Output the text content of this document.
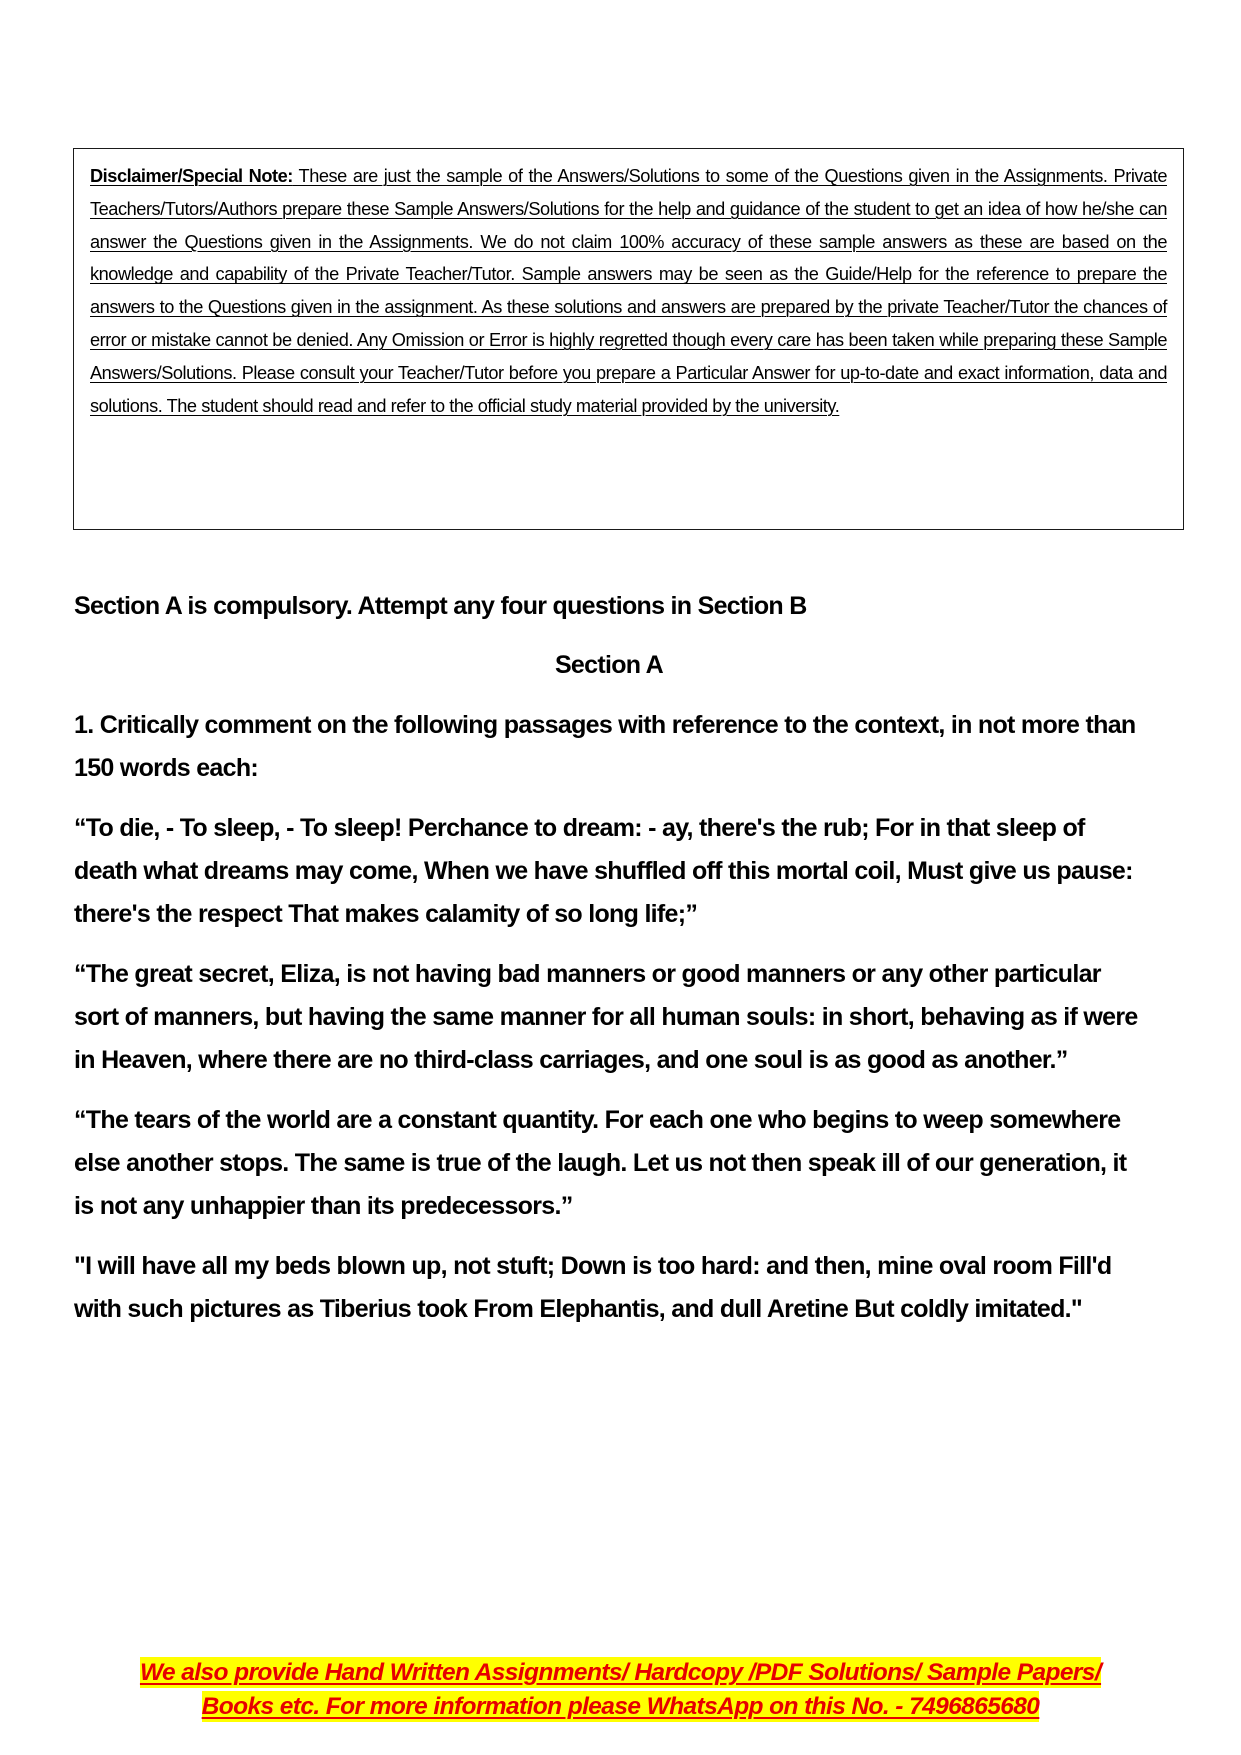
Disclaimer/Special Note: These are just the sample of the Answers/Solutions to some of the Questions given in the Assignments. Private Teachers/Tutors/Authors prepare these Sample Answers/Solutions for the help and guidance of the student to get an idea of how he/she can answer the Questions given in the Assignments. We do not claim 100% accuracy of these sample answers as these are based on the knowledge and capability of the Private Teacher/Tutor. Sample answers may be seen as the Guide/Help for the reference to prepare the answers to the Questions given in the assignment. As these solutions and answers are prepared by the private Teacher/Tutor the chances of error or mistake cannot be denied. Any Omission or Error is highly regretted though every care has been taken while preparing these Sample Answers/Solutions. Please consult your Teacher/Tutor before you prepare a Particular Answer for up-to-date and exact information, data and solutions. The student should read and refer to the official study material provided by the university.

Section A is compulsory. Attempt any four questions in Section B

Section A

1. Critically comment on the following passages with reference to the context, in not more than 150 words each:

“To die, - To sleep, - To sleep! Perchance to dream: - ay, there's the rub; For in that sleep of death what dreams may come, When we have shuffled off this mortal coil, Must give us pause: there's the respect That makes calamity of so long life;”

“The great secret, Eliza, is not having bad manners or good manners or any other particular sort of manners, but having the same manner for all human souls: in short, behaving as if were in Heaven, where there are no third-class carriages, and one soul is as good as another.”

“The tears of the world are a constant quantity. For each one who begins to weep somewhere else another stops. The same is true of the laugh. Let us not then speak ill of our generation, it is not any unhappier than its predecessors.”

"I will have all my beds blown up, not stuft; Down is too hard: and then, mine oval room Fill'd with such pictures as Tiberius took From Elephantis, and dull Aretine But coldly imitated."

We also provide Hand Written Assignments/ Hardcopy /PDF Solutions/ Sample Papers/
Books etc. For more information please WhatsApp on this No. - 7496865680
